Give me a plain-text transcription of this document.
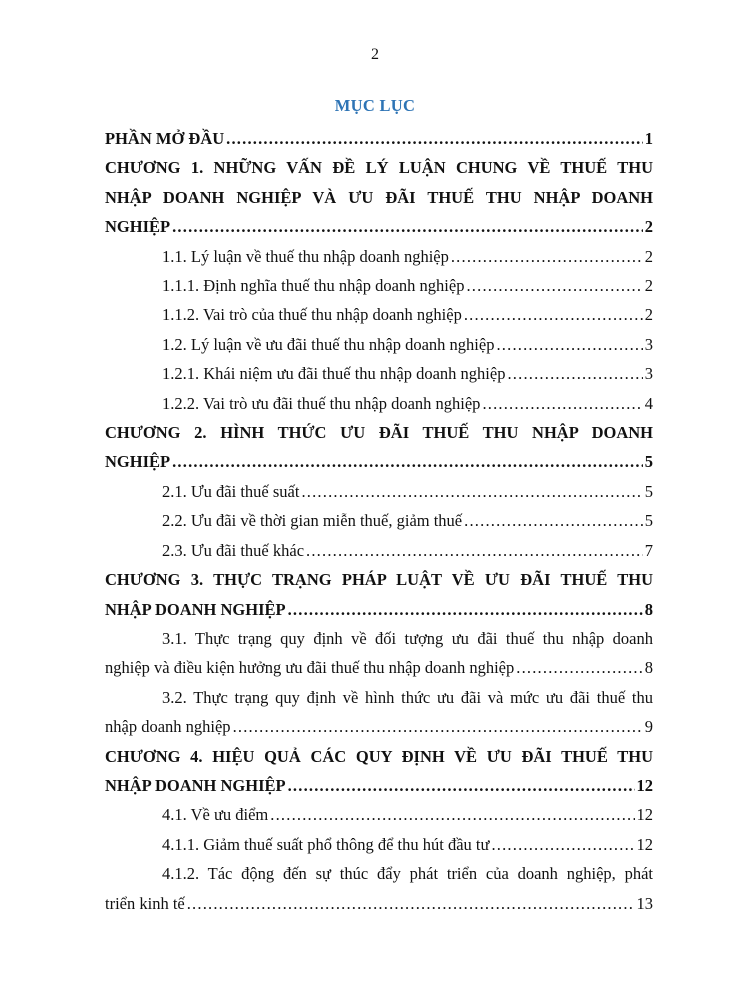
2
MỤC LỤC
PHẦN MỞ ĐẦU .....	1
CHƯƠNG 1. NHỮNG VẤN ĐỀ LÝ LUẬN CHUNG VỀ THUẾ THU
NHẬP DOANH NGHIỆP VÀ ƯU ĐÃI THUẾ THU NHẬP DOANH
NGHIỆP .....	2
1.1. Lý luận về thuế thu nhập doanh nghiệp .....	2
1.1.1. Định nghĩa thuế thu nhập doanh nghiệp .....	2
1.1.2. Vai trò của thuế thu nhập doanh nghiệp .....	2
1.2. Lý luận về ưu đãi thuế thu nhập doanh nghiệp .....	3
1.2.1. Khái niệm ưu đãi thuế thu nhập doanh nghiệp .....	3
1.2.2. Vai trò ưu đãi thuế thu nhập doanh nghiệp .....	4
CHƯƠNG 2. HÌNH THỨC ƯU ĐÃI THUẾ THU NHẬP DOANH
NGHIỆP .....	5
2.1. Ưu đãi thuế suất .....	5
2.2. Ưu đãi về thời gian miễn thuế, giảm thuế .....	5
2.3. Ưu đãi thuế khác .....	7
CHƯƠNG 3. THỰC TRẠNG PHÁP LUẬT VỀ ƯU ĐÃI THUẾ THU
NHẬP DOANH NGHIỆP .....	8
3.1. Thực trạng quy định về đối tượng ưu đãi thuế thu nhập doanh
nghiệp và điều kiện hưởng ưu đãi thuế thu nhập doanh nghiệp .....	8
3.2. Thực trạng quy định về hình thức ưu đãi và mức ưu đãi thuế thu
nhập doanh nghiệp .....	9
CHƯƠNG 4. HIỆU QUẢ CÁC QUY ĐỊNH VỀ ƯU ĐÃI THUẾ THU
NHẬP DOANH NGHIỆP .....	12
4.1. Về ưu điểm .....	12
4.1.1. Giảm thuế suất phổ thông để thu hút đầu tư .....	12
4.1.2. Tác động đến sự thúc đẩy phát triển của doanh nghiệp, phát
triển kinh tế .....	13
